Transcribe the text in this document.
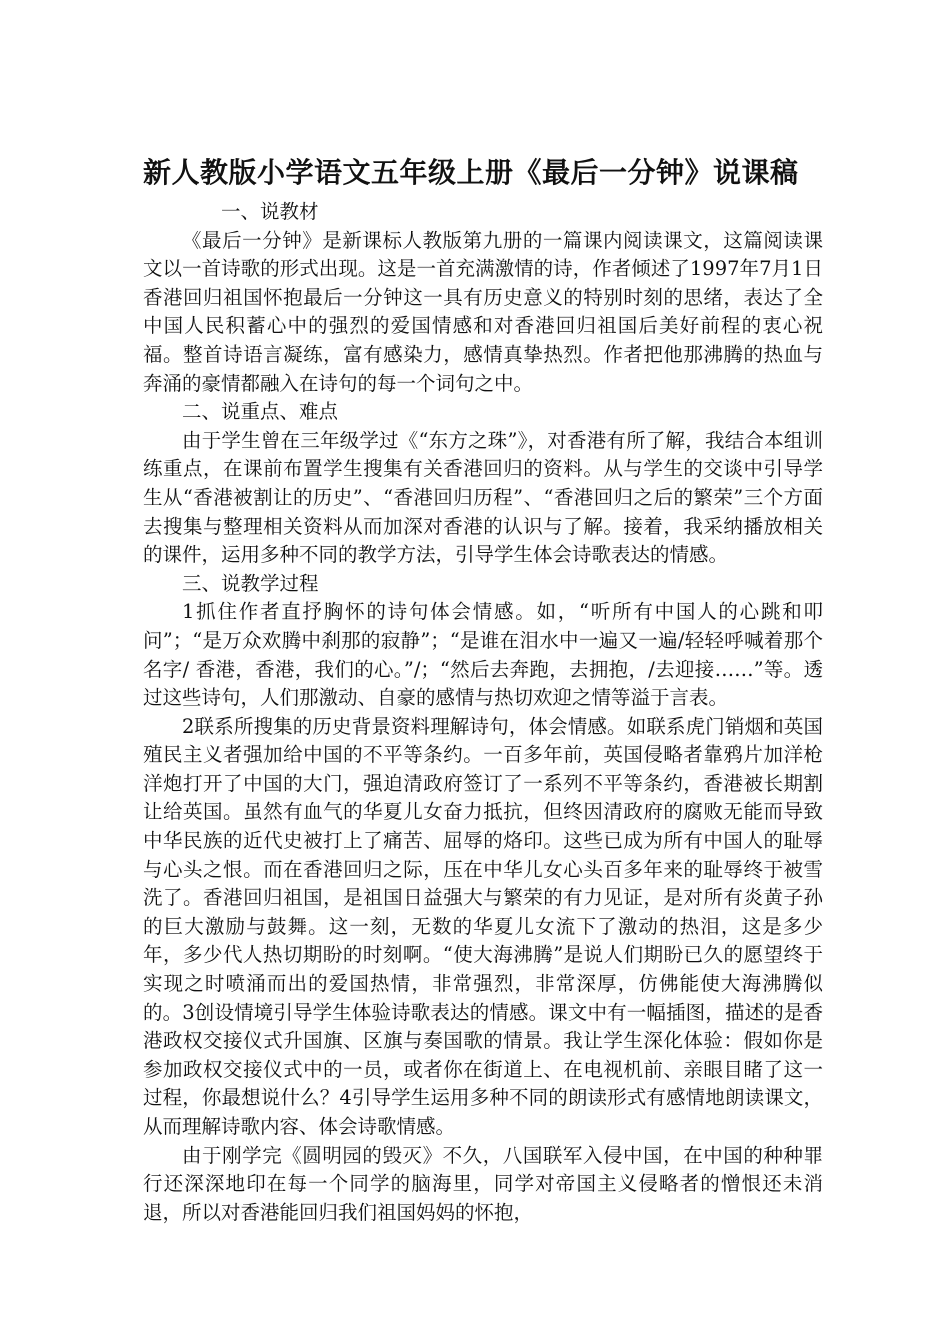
新人教版小学语文五年级上册《最后一分钟》说课稿

一、说教材

《最后一分钟》是新课标人教版第九册的一篇课内阅读课文，这篇阅读课文以一首诗歌的形式出现。这是一首充满激情的诗，作者倾述了1997年7月1日香港回归祖国怀抱最后一分钟这一具有历史意义的特别时刻的思绪，表达了全中国人民积蓄心中的强烈的爱国情感和对香港回归祖国后美好前程的衷心祝福。整首诗语言凝练，富有感染力，感情真挚热烈。作者把他那沸腾的热血与奔涌的豪情都融入在诗句的每一个词句之中。

二、说重点、难点

由于学生曾在三年级学过《“东方之珠”》，对香港有所了解，我结合本组训练重点，在课前布置学生搜集有关香港回归的资料。从与学生的交谈中引导学生从“香港被割让的历史”、“香港回归历程”、“香港回归之后的繁荣”三个方面去搜集与整理相关资料从而加深对香港的认识与了解。接着，我采纳播放相关的课件，运用多种不同的教学方法，引导学生体会诗歌表达的情感。

三、说教学过程

1抓住作者直抒胸怀的诗句体会情感。如，“听所有中国人的心跳和叩问”；“是万众欢腾中刹那的寂静”；“是谁在泪水中一遍又一遍/轻轻呼喊着那个名字/ 香港，香港，我们的心。”/；“然后去奔跑，去拥抱，/去迎接……”等。透过这些诗句，人们那激动、自豪的感情与热切欢迎之情等溢于言表。

2联系所搜集的历史背景资料理解诗句，体会情感。如联系虎门销烟和英国殖民主义者强加给中国的不平等条约。一百多年前，英国侵略者靠鸦片加洋枪洋炮打开了中国的大门，强迫清政府签订了一系列不平等条约，香港被长期割让给英国。虽然有血气的华夏儿女奋力抵抗，但终因清政府的腐败无能而导致中华民族的近代史被打上了痛苦、屈辱的烙印。这些已成为所有中国人的耻辱与心头之恨。而在香港回归之际，压在中华儿女心头百多年来的耻辱终于被雪洗了。香港回归祖国，是祖国日益强大与繁荣的有力见证，是对所有炎黄子孙的巨大激励与鼓舞。这一刻，无数的华夏儿女流下了激动的热泪，这是多少年，多少代人热切期盼的时刻啊。“使大海沸腾”是说人们期盼已久的愿望终于实现之时喷涌而出的爱国热情，非常强烈，非常深厚，仿佛能使大海沸腾似的。3创设情境引导学生体验诗歌表达的情感。课文中有一幅插图，描述的是香港政权交接仪式升国旗、区旗与奏国歌的情景。我让学生深化体验：假如你是参加政权交接仪式中的一员，或者你在街道上、在电视机前、亲眼目睹了这一过程，你最想说什么？4引导学生运用多种不同的朗读形式有感情地朗读课文，从而理解诗歌内容、体会诗歌情感。

由于刚学完《圆明园的毁灭》不久，八国联军入侵中国，在中国的种种罪行还深深地印在每一个同学的脑海里，同学对帝国主义侵略者的憎恨还未消退，所以对香港能回归我们祖国妈妈的怀抱，
